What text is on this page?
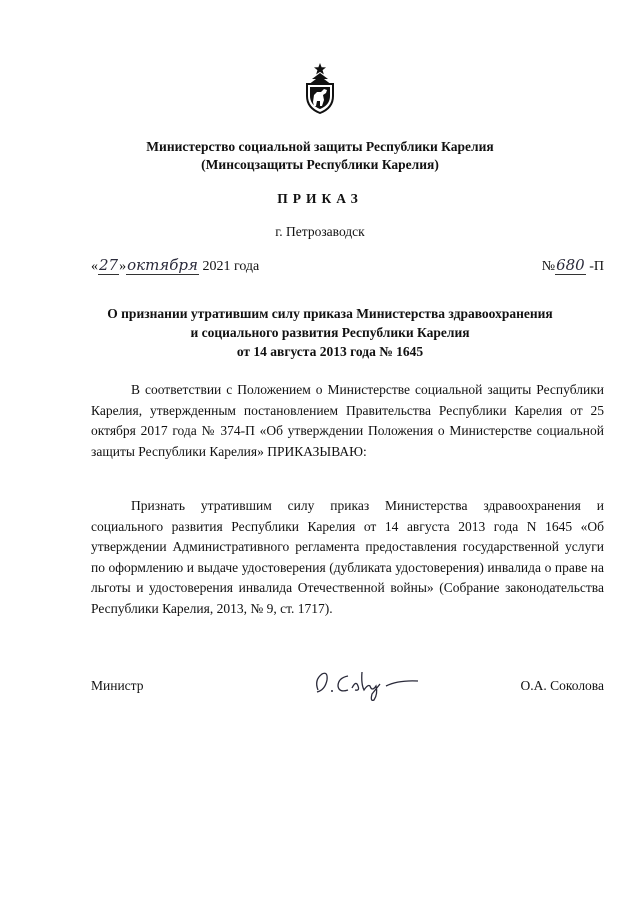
Министерство социальной защиты Республики Карелия
(Минсоцзащиты Республики Карелия)
ПРИКАЗ
г. Петрозаводск
«27»октября 2021 года	№680 -П
О признании утратившим силу приказа Министерства здравоохранения
и социального развития Республики Карелия
от 14 августа 2013 года № 1645

В соответствии с Положением о Министерстве социальной защиты Республики Карелия, утвержденным постановлением Правительства Республики Карелия от 25 октября 2017 года № 374-П «Об утверждении Положения о Министерстве социальной защиты Республики Карелия» ПРИКАЗЫВАЮ:

Признать утратившим силу приказ Министерства здравоохранения и социального развития Республики Карелия от 14 августа 2013 года N 1645 «Об утверждении Административного регламента предоставления государственной услуги по оформлению и выдаче удостоверения (дубликата удостоверения) инвалида о праве на льготы и удостоверения инвалида Отечественной войны» (Собрание законодательства Республики Карелия, 2013, № 9, ст. 1717).

Министр	О.А. Соколова
